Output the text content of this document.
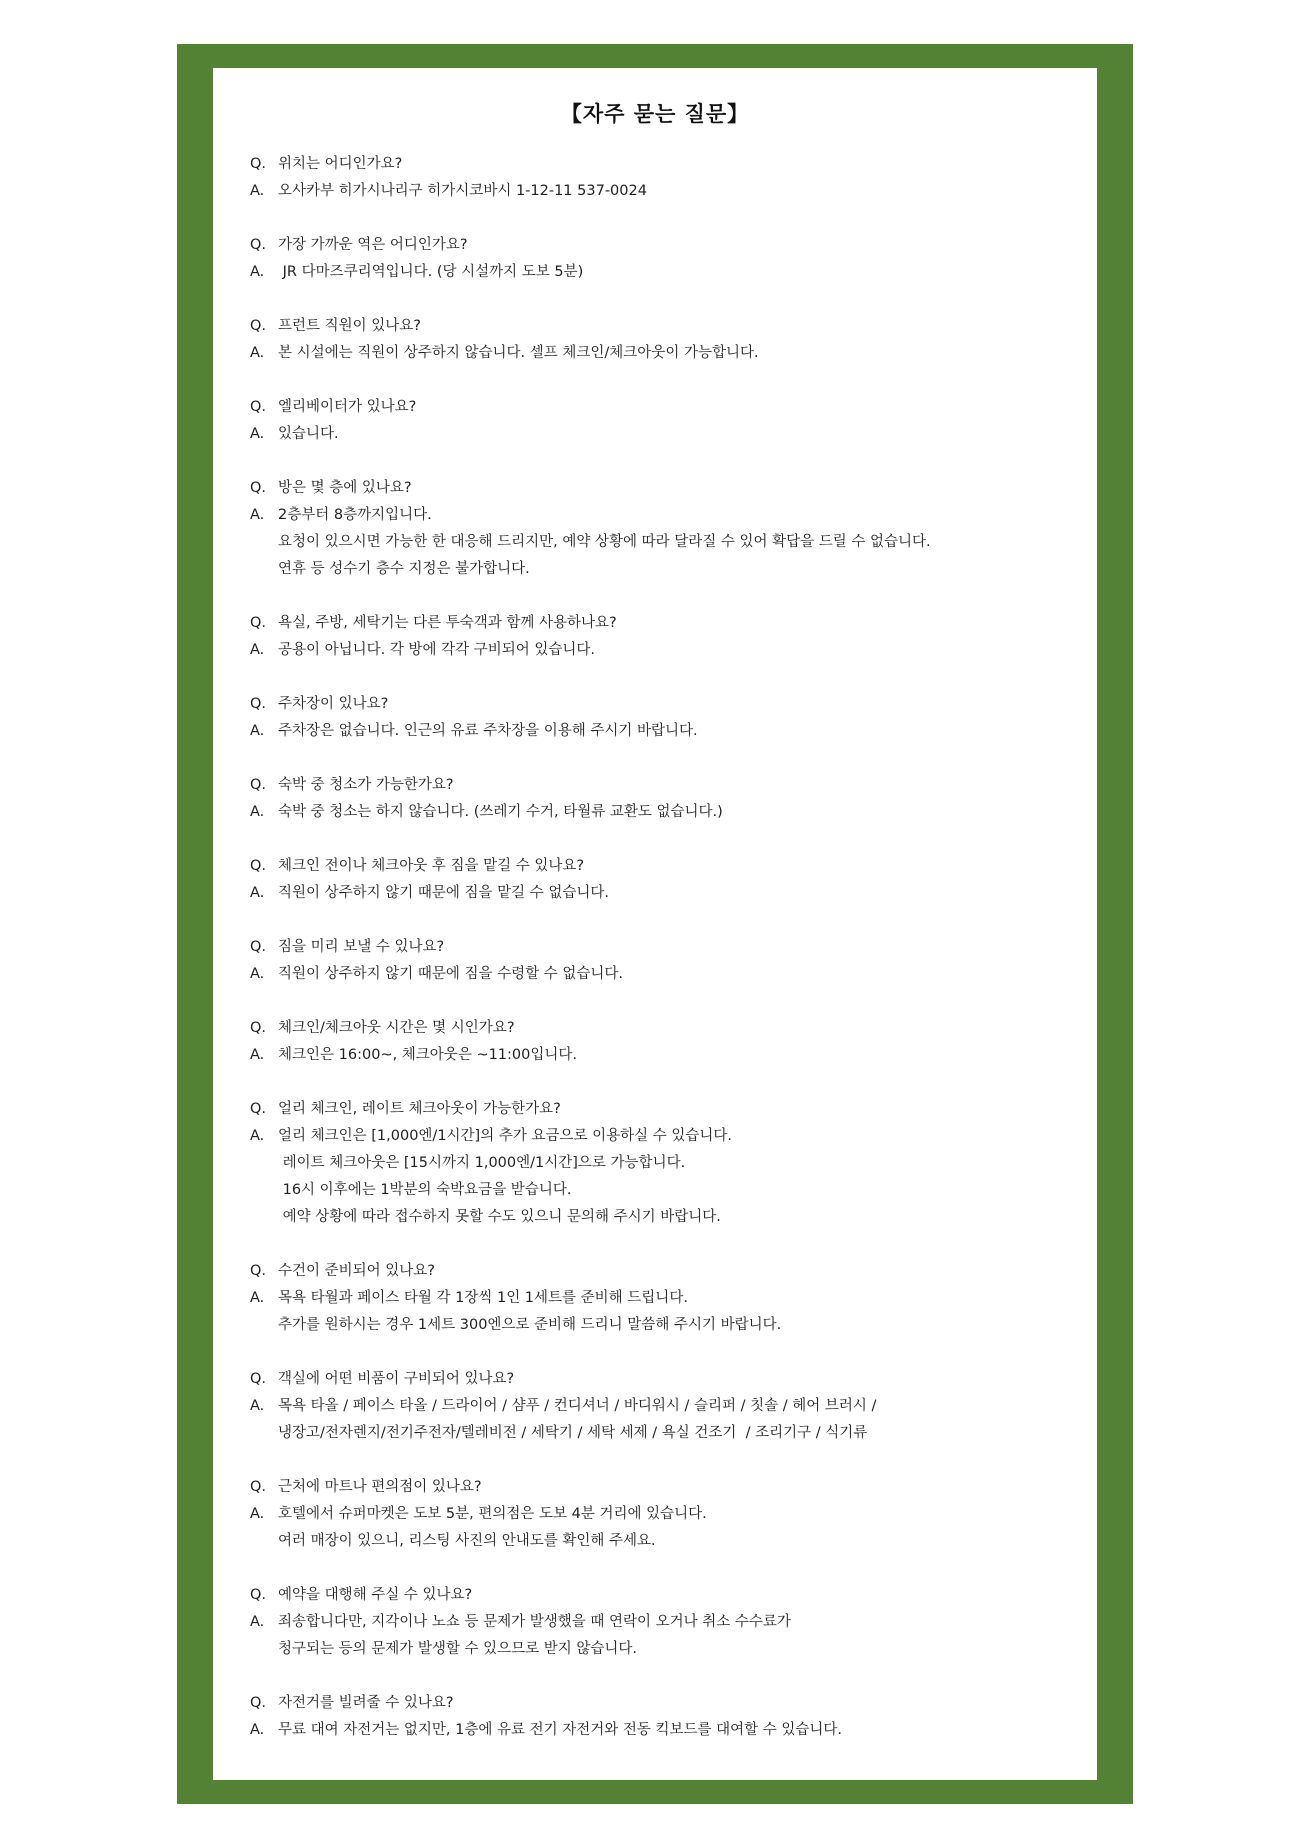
【자주 묻는 질문】
Q. 위치는 어디인가요?
A. 오사카부 히가시나리구 히가시코바시 1-12-11 537-0024
Q. 가장 가까운 역은 어디인가요?
A. JR 다마즈쿠리역입니다. (당 시설까지 도보 5분)
Q. 프런트 직원이 있나요?
A. 본 시설에는 직원이 상주하지 않습니다. 셀프 체크인/체크아웃이 가능합니다.
Q. 엘리베이터가 있나요?
A. 있습니다.
Q. 방은 몇 층에 있나요?
A. 2층부터 8층까지입니다.
요청이 있으시면 가능한 한 대응해 드리지만, 예약 상황에 따라 달라질 수 있어 확답을 드릴 수 없습니다.
연휴 등 성수기 층수 지정은 불가합니다.
Q. 욕실, 주방, 세탁기는 다른 투숙객과 함께 사용하나요?
A. 공용이 아닙니다. 각 방에 각각 구비되어 있습니다.
Q. 주차장이 있나요?
A. 주차장은 없습니다. 인근의 유료 주차장을 이용해 주시기 바랍니다.
Q. 숙박 중 청소가 가능한가요?
A. 숙박 중 청소는 하지 않습니다. (쓰레기 수거, 타월류 교환도 없습니다.)
Q. 체크인 전이나 체크아웃 후 짐을 맡길 수 있나요?
A. 직원이 상주하지 않기 때문에 짐을 맡길 수 없습니다.
Q. 짐을 미리 보낼 수 있나요?
A. 직원이 상주하지 않기 때문에 짐을 수령할 수 없습니다.
Q. 체크인/체크아웃 시간은 몇 시인가요?
A. 체크인은 16:00~, 체크아웃은 ~11:00입니다.
Q. 얼리 체크인, 레이트 체크아웃이 가능한가요?
A. 얼리 체크인은 [1,000엔/1시간]의 추가 요금으로 이용하실 수 있습니다.
레이트 체크아웃은 [15시까지 1,000엔/1시간]으로 가능합니다.
16시 이후에는 1박분의 숙박요금을 받습니다.
예약 상황에 따라 접수하지 못할 수도 있으니 문의해 주시기 바랍니다.
Q. 수건이 준비되어 있나요?
A. 목욕 타월과 페이스 타월 각 1장씩 1인 1세트를 준비해 드립니다.
추가를 원하시는 경우 1세트 300엔으로 준비해 드리니 말씀해 주시기 바랍니다.
Q. 객실에 어떤 비품이 구비되어 있나요?
A. 목욕 타올 / 페이스 타올 / 드라이어 / 샴푸 / 컨디셔너 / 바디워시 / 슬리퍼 / 칫솔 / 헤어 브러시 /
냉장고/전자렌지/전기주전자/텔레비전 / 세탁기 / 세탁 세제 / 욕실 건조기  / 조리기구 / 식기류
Q. 근처에 마트나 편의점이 있나요?
A. 호텔에서 슈퍼마켓은 도보 5분, 편의점은 도보 4분 거리에 있습니다.
여러 매장이 있으니, 리스팅 사진의 안내도를 확인해 주세요.
Q. 예약을 대행해 주실 수 있나요?
A. 죄송합니다만, 지각이나 노쇼 등 문제가 발생했을 때 연락이 오거나 취소 수수료가
청구되는 등의 문제가 발생할 수 있으므로 받지 않습니다.
Q. 자전거를 빌려줄 수 있나요?
A. 무료 대여 자전거는 없지만, 1층에 유료 전기 자전거와 전동 킥보드를 대여할 수 있습니다.
